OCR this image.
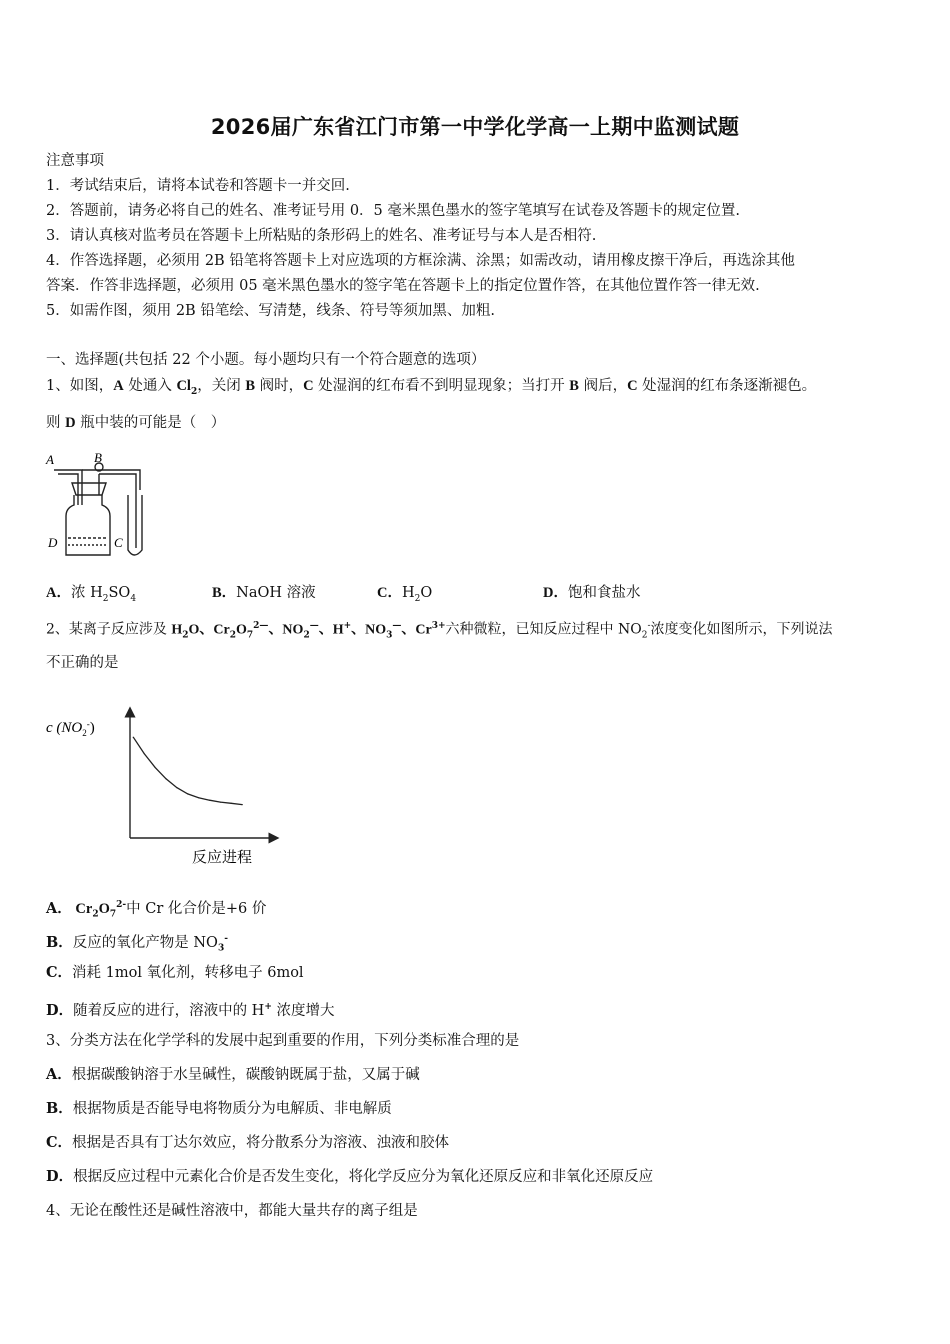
2026届广东省江门市第一中学化学高一上期中监测试题
注意事项
1．考试结束后，请将本试卷和答题卡一并交回.
2．答题前，请务必将自己的姓名、准考证号用 0．5 毫米黑色墨水的签字笔填写在试卷及答题卡的规定位置.
3．请认真核对监考员在答题卡上所粘贴的条形码上的姓名、准考证号与本人是否相符.
4．作答选择题，必须用 2B 铅笔将答题卡上对应选项的方框涂满、涂黑；如需改动，请用橡皮擦干净后，再选涂其他
答案．作答非选择题，必须用 05 毫米黑色墨水的签字笔在答题卡上的指定位置作答，在其他位置作答一律无效.
5．如需作图，须用 2B 铅笔绘、写清楚，线条、符号等须加黑、加粗.
一、选择题(共包括 22 个小题。每小题均只有一个符合题意的选项）
1、如图，A 处通入 $Cl_2$，关闭 B 阀时，C 处湿润的红布看不到明显现象；当打开 B 阀后，C 处湿润的红布条逐渐褪色。
则 D 瓶中装的可能是（　）
A	B
D	C
A．浓 $H_2SO_4$	B．NaOH 溶液	C．$H_2O$	D．饱和食盐水
2、某离子反应涉及 $H_2O$、$Cr_2O_7^{2—}$、$NO_2^—$、H+、$NO_3^—$、$Cr^{3+}$六种微粒，已知反应过程中 $NO_2^-$浓度变化如图所示，下列说法
不正确的是
c $(NO_2^-)$
反应进程
A． $Cr_2O_7^{2-}$中 Cr 化合价是+6 价
B．反应的氧化产物是 $NO_3^-$
C．消耗 1mol 氧化剂，转移电子 6mol
D．随着反应的进行，溶液中的 H+ 浓度增大
3、分类方法在化学学科的发展中起到重要的作用，下列分类标准合理的是
A．根据碳酸钠溶于水呈碱性，碳酸钠既属于盐，又属于碱
B．根据物质是否能导电将物质分为电解质、非电解质
C．根据是否具有丁达尔效应，将分散系分为溶液、浊液和胶体
D．根据反应过程中元素化合价是否发生变化，将化学反应分为氧化还原反应和非氧化还原反应
4、无论在酸性还是碱性溶液中，都能大量共存的离子组是
